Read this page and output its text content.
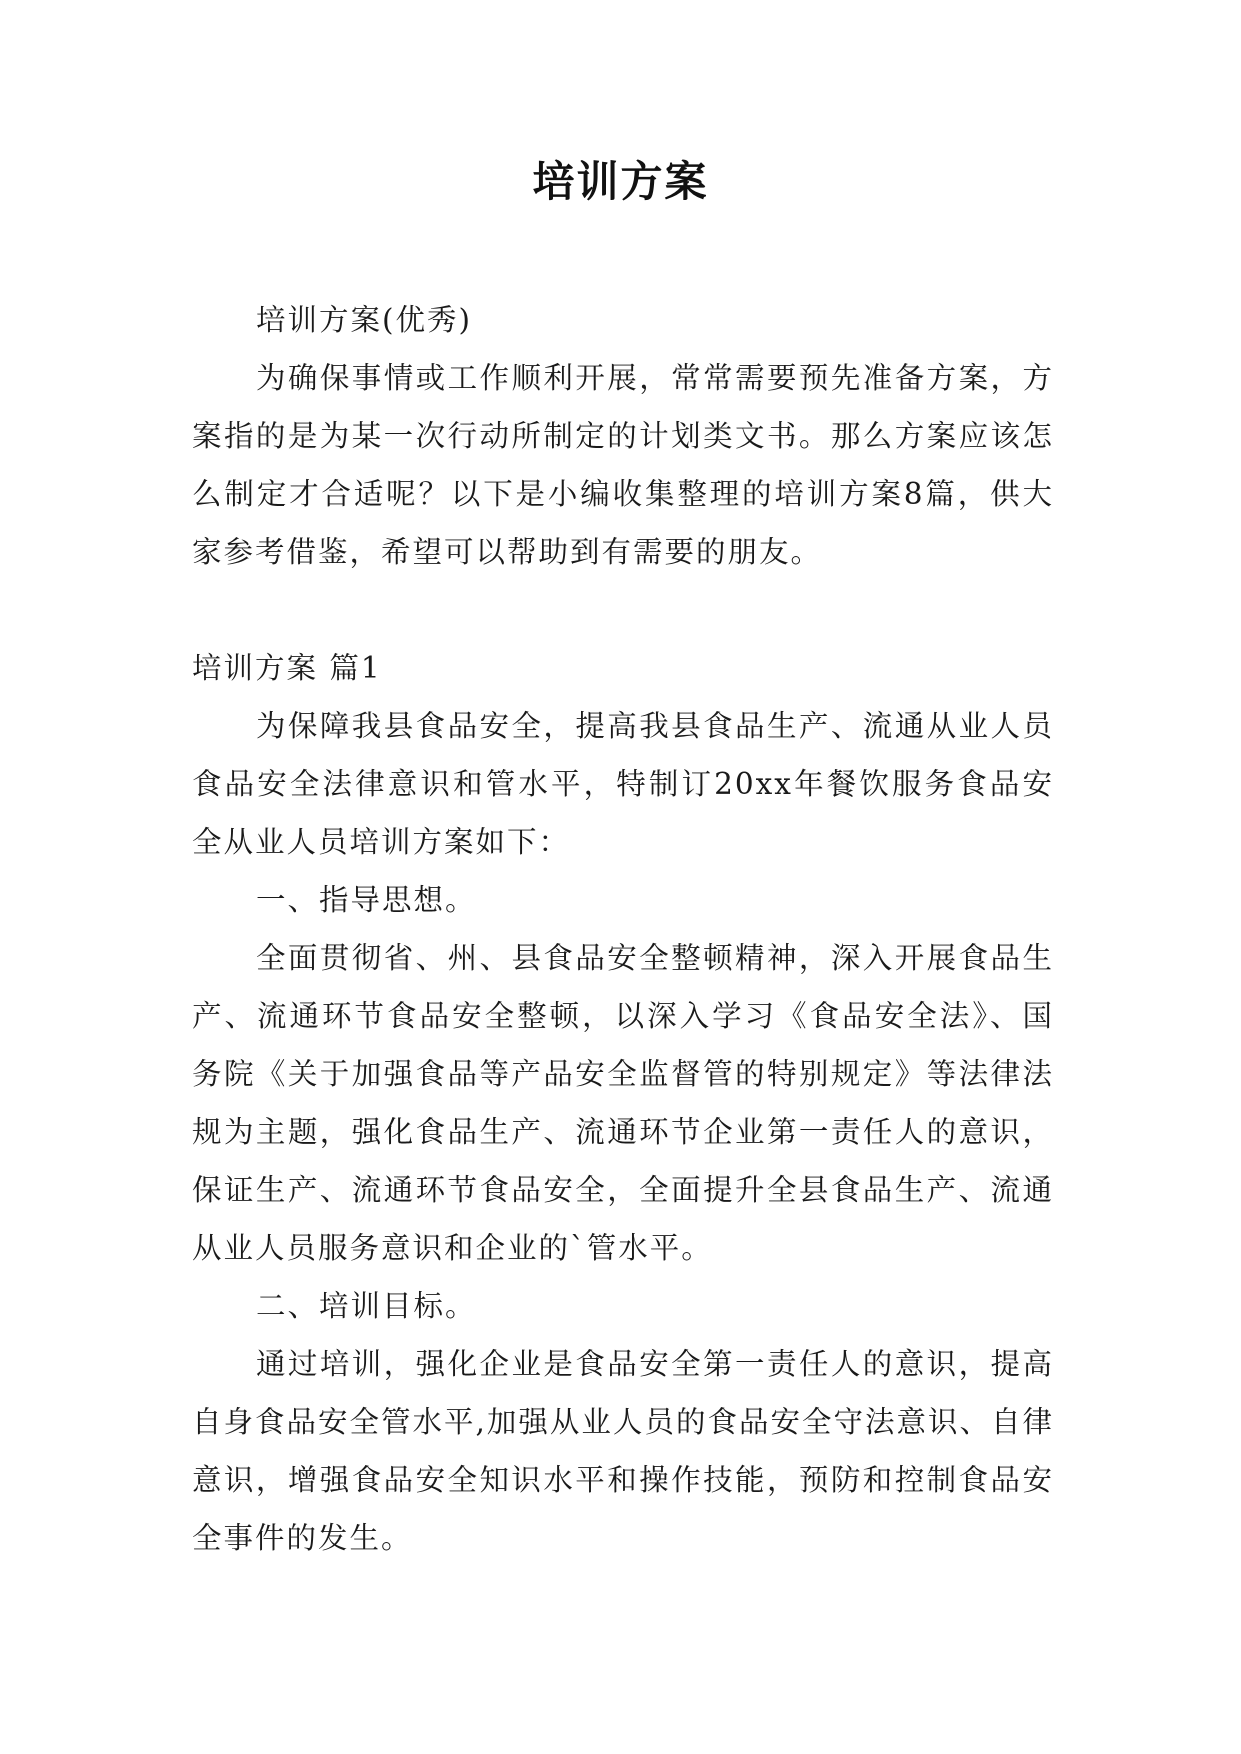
培训方案

培训方案(优秀)

为确保事情或工作顺利开展，常常需要预先准备方案，方案指的是为某一次行动所制定的计划类文书。那么方案应该怎么制定才合适呢？以下是小编收集整理的培训方案8篇，供大家参考借鉴，希望可以帮助到有需要的朋友。

培训方案 篇1

为保障我县食品安全，提高我县食品生产、流通从业人员食品安全法律意识和管水平，特制订20xx年餐饮服务食品安全从业人员培训方案如下：

一、指导思想。

全面贯彻省、州、县食品安全整顿精神，深入开展食品生产、流通环节食品安全整顿，以深入学习《食品安全法》、国务院《关于加强食品等产品安全监督管的特别规定》等法律法规为主题，强化食品生产、流通环节企业第一责任人的意识，保证生产、流通环节食品安全，全面提升全县食品生产、流通从业人员服务意识和企业的`管水平。

二、培训目标。

通过培训，强化企业是食品安全第一责任人的意识，提高自身食品安全管水平,加强从业人员的食品安全守法意识、自律意识，增强食品安全知识水平和操作技能，预防和控制食品安全事件的发生。
